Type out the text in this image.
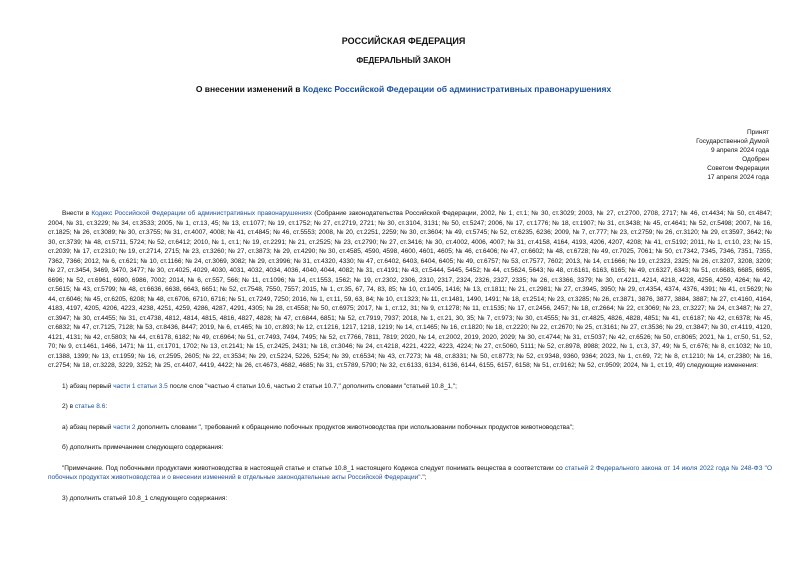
РОССИЙСКАЯ ФЕДЕРАЦИЯ
ФЕДЕРАЛЬНЫЙ ЗАКОН
О внесении изменений в Кодекс Российской Федерации об административных правонарушениях
Принят
Государственной Думой
9 апреля 2024 года
Одобрен
Советом Федерации
17 апреля 2024 года

Внести в Кодекс Российской Федерации об административных правонарушениях (Собрание законодательства Российской Федерации, 2002, № 1, ст.1; № 30, ст.3029; 2003, № 27, ст.2700, 2708, 2717; № 46, ст.4434; № 50, ст.4847; 2004, № 31, ст.3229; № 34, ст.3533; 2005, № 1, ст.13, 45; № 13, ст.1077; № 19, ст.1752; № 27, ст.2719, 2721; № 30, ст.3104, 3131; № 50, ст.5247; 2006, № 17, ст.1776; № 18, ст.1907; № 31, ст.3438; № 45, ст.4641; № 52, ст.5498; 2007, № 16, ст.1825; № 26, ст.3089; № 30, ст.3755; № 31, ст.4007, 4008; № 41, ст.4845; № 46, ст.5553; 2008, № 20, ст.2251, 2259; № 30, ст.3604; № 49, ст.5745; № 52, ст.6235, 6236; 2009, № 7, ст.777; № 23, ст.2759; № 26, ст.3120; № 29, ст.3597, 3642; № 30, ст.3739; № 48, ст.5711, 5724; № 52, ст.6412; 2010, № 1, ст.1; № 19, ст.2291; № 21, ст.2525; № 23, ст.2790; № 27, ст.3416; № 30, ст.4002, 4006, 4007; № 31, ст.4158, 4164, 4193, 4206, 4207, 4208; № 41, ст.5192; 2011, № 1, ст.10, 23; № 15, ст.2039; № 17, ст.2310; № 19, ст.2714, 2715; № 23, ст.3260; № 27, ст.3873; № 29, ст.4290; № 30, ст.4585, 4590, 4598, 4600, 4601, 4605; № 46, ст.6406; № 47, ст.6602; № 48, ст.6728; № 49, ст.7025, 7061; № 50, ст.7342, 7345, 7346, 7351, 7355, 7362, 7366; 2012, № 6, ст.621; № 10, ст.1166; № 24, ст.3069, 3082; № 29, ст.3996; № 31, ст.4320, 4330; № 47, ст.6402, 6403, 6404, 6405; № 49, ст.6757; № 53, ст.7577, 7602; 2013, № 14, ст.1666; № 19, ст.2323, 2325; № 26, ст.3207, 3208, 3209; № 27, ст.3454, 3469, 3470, 3477; № 30, ст.4025, 4029, 4030, 4031, 4032, 4034, 4036, 4040, 4044, 4082; № 31, ст.4191; № 43, ст.5444, 5445, 5452; № 44, ст.5624, 5643; № 48, ст.6161, 6163, 6165; № 49, ст.6327, 6343; № 51, ст.6683, 6685, 6695, 6696; № 52, ст.6961, 6980, 6986, 7002; 2014, № 6, ст.557, 566; № 11, ст.1096; № 14, ст.1553, 1562; № 19, ст.2302, 2306, 2310, 2317, 2324, 2326, 2327, 2335; № 26, ст.3366, 3379; № 30, ст.4211, 4214, 4218, 4228, 4256, 4259, 4264; № 42, ст.5615; № 43, ст.5799; № 48, ст.6636, 6638, 6643, 6651; № 52, ст.7548, 7550, 7557; 2015, № 1, ст.35, 67, 74, 83, 85; № 10, ст.1405, 1416; № 13, ст.1811; № 21, ст.2981; № 27, ст.3945, 3950; № 29, ст.4354, 4374, 4376, 4391; № 41, ст.5629; № 44, ст.6046; № 45, ст.6205, 6208; № 48, ст.6706, 6710, 6716; № 51, ст.7249, 7250; 2016, № 1, ст.11, 59, 63, 84; № 10, ст.1323; № 11, ст.1481, 1490, 1491; № 18, ст.2514; № 23, ст.3285; № 26, ст.3871, 3876, 3877, 3884, 3887; № 27, ст.4160, 4164, 4183, 4197, 4205, 4206, 4223, 4238, 4251, 4259, 4286, 4287, 4291, 4305; № 28, ст.4558; № 50, ст.6975; 2017, № 1, ст.12, 31; № 9, ст.1278; № 11, ст.1535; № 17, ст.2456, 2457; № 18, ст.2664; № 22, ст.3069; № 23, ст.3227; № 24, ст.3487; № 27, ст.3947; № 30, ст.4455; № 31, ст.4738, 4812, 4814, 4815, 4816, 4827, 4828; № 47, ст.6844, 6851; № 52, ст.7919, 7937; 2018, № 1, ст.21, 30, 35; № 7, ст.973; № 30, ст.4555; № 31, ст.4825, 4826, 4828, 4851; № 41, ст.6187; № 42, ст.6378; № 45, ст.6832; № 47, ст.7125, 7128; № 53, ст.8436, 8447; 2019, № 6, ст.465; № 10, ст.893; № 12, ст.1216, 1217, 1218, 1219; № 14, ст.1465; № 16, ст.1820; № 18, ст.2220; № 22, ст.2670; № 25, ст.3161; № 27, ст.3536; № 29, ст.3847; № 30, ст.4119, 4120, 4121, 4131; № 42, ст.5803; № 44, ст.6178, 6182; № 49, ст.6964; № 51, ст.7493, 7494, 7495; № 52, ст.7766, 7811, 7819; 2020, № 14, ст.2002, 2019, 2020, 2029; № 30, ст.4744; № 31, ст.5037; № 42, ст.6526; № 50, ст.8065; 2021, № 1, ст.50, 51, 52, 70; № 9, ст.1461, 1466, 1471; № 11, ст.1701, 1702; № 13, ст.2141; № 15, ст.2425, 2431; № 18, ст.3046; № 24, ст.4218, 4221, 4222, 4223, 4224; № 27, ст.5060, 5111; № 52, ст.8978, 8988; 2022, № 1, ст.3, 37, 49; № 5, ст.676; № 8, ст.1032; № 10, ст.1388, 1399; № 13, ст.1959; № 16, ст.2595, 2605; № 22, ст.3534; № 29, ст.5224, 5226, 5254; № 39, ст.6534; № 43, ст.7273; № 48, ст.8331; № 50, ст.8773; № 52, ст.9348, 9360, 9364; 2023, № 1, ст.69, 72; № 8, ст.1210; № 14, ст.2380; № 16, ст.2754; № 18, ст.3228, 3229, 3252; № 25, ст.4407, 4419, 4422; № 26, ст.4673, 4682, 4685; № 31, ст.5789, 5790; № 32, ст.6133, 6134, 6136, 6144, 6155, 6157, 6158; № 51, ст.9162; № 52, ст.9509; 2024, № 1, ст.19, 49) следующие изменения:

1) абзац первый части 1 статьи 3.5 после слов "частью 4 статьи 10.6, частью 2 статьи 10.7," дополнить словами "статьей 10.8_1,";

2) в статье 8.6:

а) абзац первый части 2 дополнить словами ", требований к обращению побочных продуктов животноводства при использовании побочных продуктов животноводства";

б) дополнить примечанием следующего содержания:

"Примечание. Под побочными продуктами животноводства в настоящей статье и статье 10.8_1 настоящего Кодекса следует понимать вещества в соответствии со статьей 2 Федерального закона от 14 июля 2022 года № 248-ФЗ "О побочных продуктах животноводства и о внесении изменений в отдельные законодательные акты Российской Федерации".";

3) дополнить статьей 10.8_1 следующего содержания:
